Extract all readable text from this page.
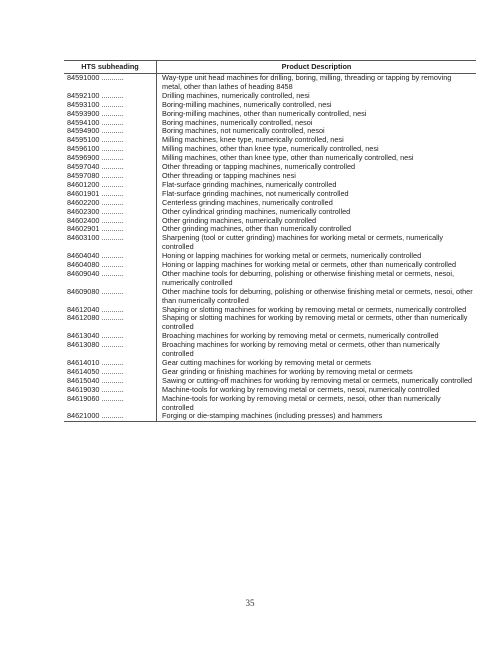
HTS subheading	Product Description
84591000 ...........	Way-type unit head machines for drilling, boring, milling, threading or tapping by removing metal, other than lathes of heading 8458
84592100 ...........	Drilling machines, numerically controlled, nesi
84593100 ...........	Boring-milling machines, numerically controlled, nesi
84593900 ...........	Boring-milling machines, other than numerically controlled, nesi
84594100 ...........	Boring machines, numerically controlled, nesoi
84594900 ...........	Boring machines, not numerically controlled, nesoi
84595100 ...........	Milling machines, knee type, numerically controlled, nesi
84596100 ...........	Milling machines, other than knee type, numerically controlled, nesi
84596900 ...........	Milling machines, other than knee type, other than numerically controlled, nesi
84597040 ...........	Other threading or tapping machines, numerically controlled
84597080 ...........	Other threading or tapping machines nesi
84601200 ...........	Flat-surface grinding machines, numerically controlled
84601901 ...........	Flat-surface grinding machines, not numerically controlled
84602200 ...........	Centerless grinding machines, numerically controlled
84602300 ...........	Other cylindrical grinding machines, numerically controlled
84602400 ...........	Other grinding machines, numerically controlled
84602901 ...........	Other grinding machines, other than numerically controlled
84603100 ...........	Sharpening (tool or cutter grinding) machines for working metal or cermets, numerically controlled
84604040 ...........	Honing or lapping machines for working metal or cermets, numerically controlled
84604080 ...........	Honing or lapping machines for working metal or cermets, other than numerically controlled
84609040 ...........	Other machine tools for deburring, polishing or otherwise finishing metal or cermets, nesoi, numerically controlled
84609080 ...........	Other machine tools for deburring, polishing or otherwise finishing metal or cermets, nesoi, other than numerically controlled
84612040 ...........	Shaping or slotting machines for working by removing metal or cermets, numerically controlled
84612080 ...........	Shaping or slotting machines for working by removing metal or cermets, other than numerically controlled
84613040 ...........	Broaching machines for working by removing metal or cermets, numerically controlled
84613080 ...........	Broaching machines for working by removing metal or cermets, other than numerically controlled
84614010 ...........	Gear cutting machines for working by removing metal or cermets
84614050 ...........	Gear grinding or finishing machines for working by removing metal or cermets
84615040 ...........	Sawing or cutting-off machines for working by removing metal or cermets, numerically controlled
84619030 ...........	Machine-tools for working by removing metal or cermets, nesoi, numerically controlled
84619060 ...........	Machine-tools for working by removing metal or cermets, nesoi, other than numerically controlled
84621000 ...........	Forging or die-stamping machines (including presses) and hammers
35
